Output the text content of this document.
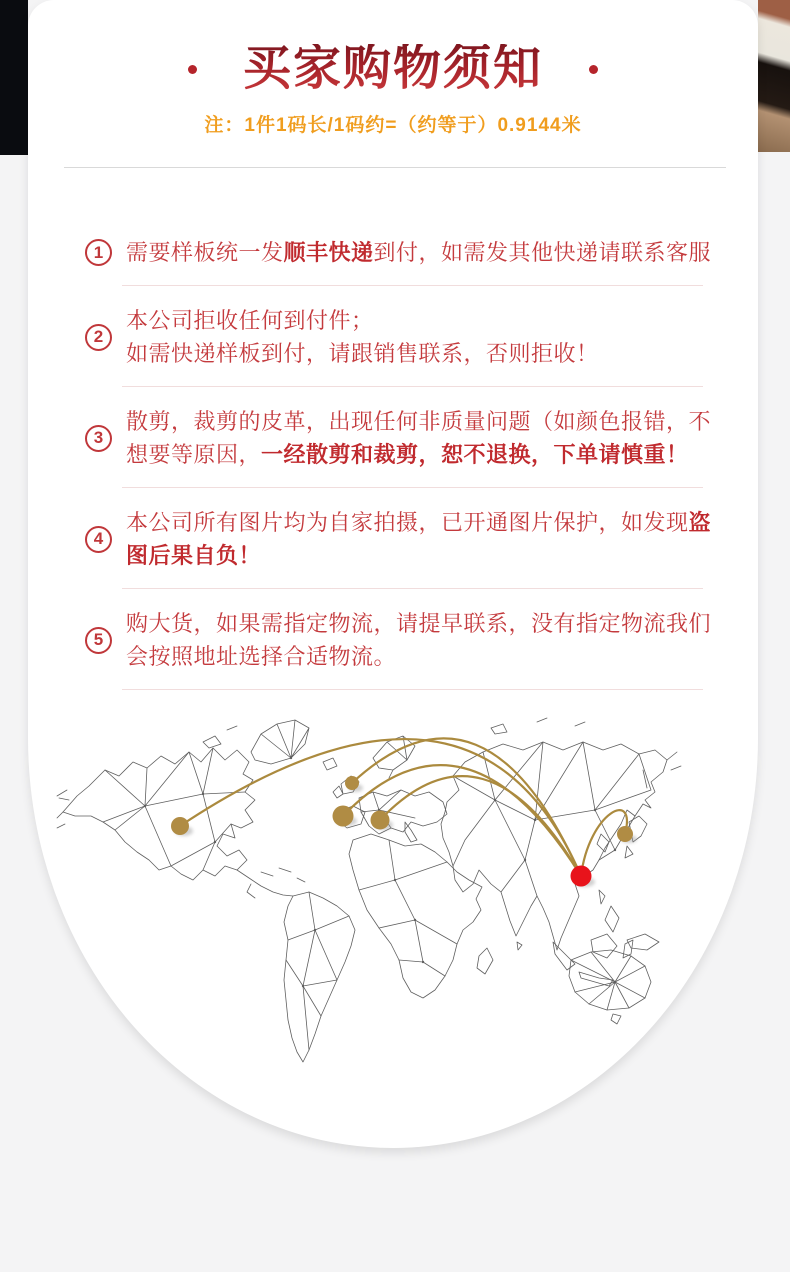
买家购物须知
注：1件1码长/1码约=（约等于）0.9144米
1	需要样板统一发顺丰快递到付，如需发其他快递请联系客服
2
本公司拒收任何到付件；
如需快递样板到付，请跟销售联系，否则拒收！
3
散剪，裁剪的皮革，出现任何非质量问题（如颜色报错，不想要等原因，一经散剪和裁剪，恕不退换，下单请慎重！
4
本公司所有图片均为自家拍摄，已开通图片保护，如发现盗图后果自负！
5
购大货，如果需指定物流，请提早联系，没有指定物流我们会按照地址选择合适物流。
